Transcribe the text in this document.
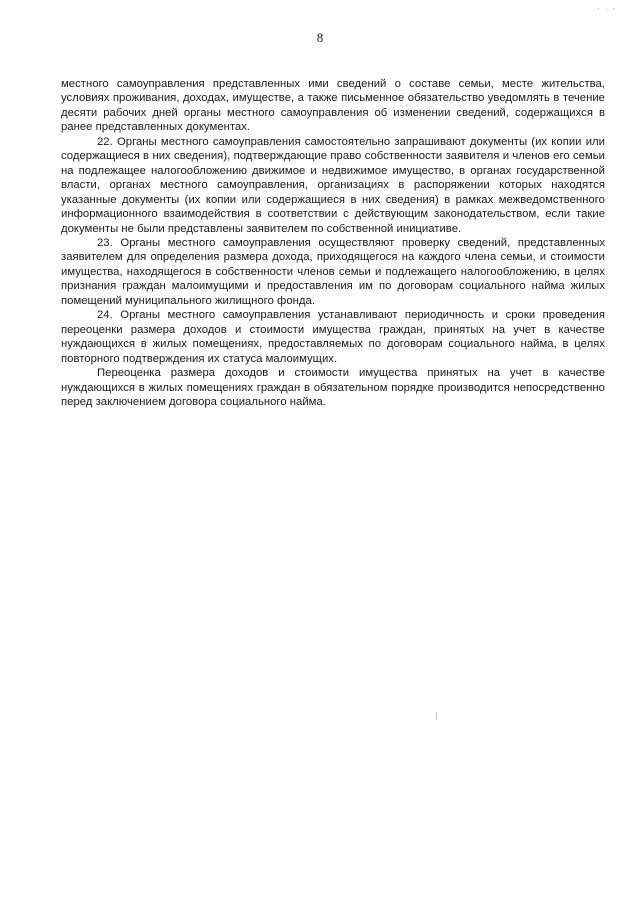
8

местного самоуправления представленных ими сведений о составе семьи, месте жительства, условиях проживания, доходах, имуществе, а также письменное обязательство уведомлять в течение десяти рабочих дней органы местного самоуправления об изменении сведений, содержащихся в ранее представленных документах.

22. Органы местного самоуправления самостоятельно запрашивают документы (их копии или содержащиеся в них сведения), подтверждающие право собственности заявителя и членов его семьи на подлежащее налогообложению движимое и недвижимое имущество, в органах государственной власти, органах местного самоуправления, организациях в распоряжении которых находятся указанные документы (их копии или содержащиеся в них сведения) в рамках межведомственного информационного взаимодействия в соответствии с действующим законодательством, если такие документы не были представлены заявителем по собственной инициативе.

23. Органы местного самоуправления осуществляют проверку сведений, представленных заявителем для определения размера дохода, приходящегося на каждого члена семьи, и стоимости имущества, находящегося в собственности членов семьи и подлежащего налогообложению, в целях признания граждан малоимущими и предоставления им по договорам социального найма жилых помещений муниципального жилищного фонда.

24. Органы местного самоуправления устанавливают периодичность и сроки проведения переоценки размера доходов и стоимости имущества граждан, принятых на учет в качестве нуждающихся в жилых помещениях, предоставляемых по договорам социального найма, в целях повторного подтверждения их статуса малоимущих.

Переоценка размера доходов и стоимости имущества принятых на учет в качестве нуждающихся в жилых помещениях граждан в обязательном порядке производится непосредственно перед заключением договора социального найма.
